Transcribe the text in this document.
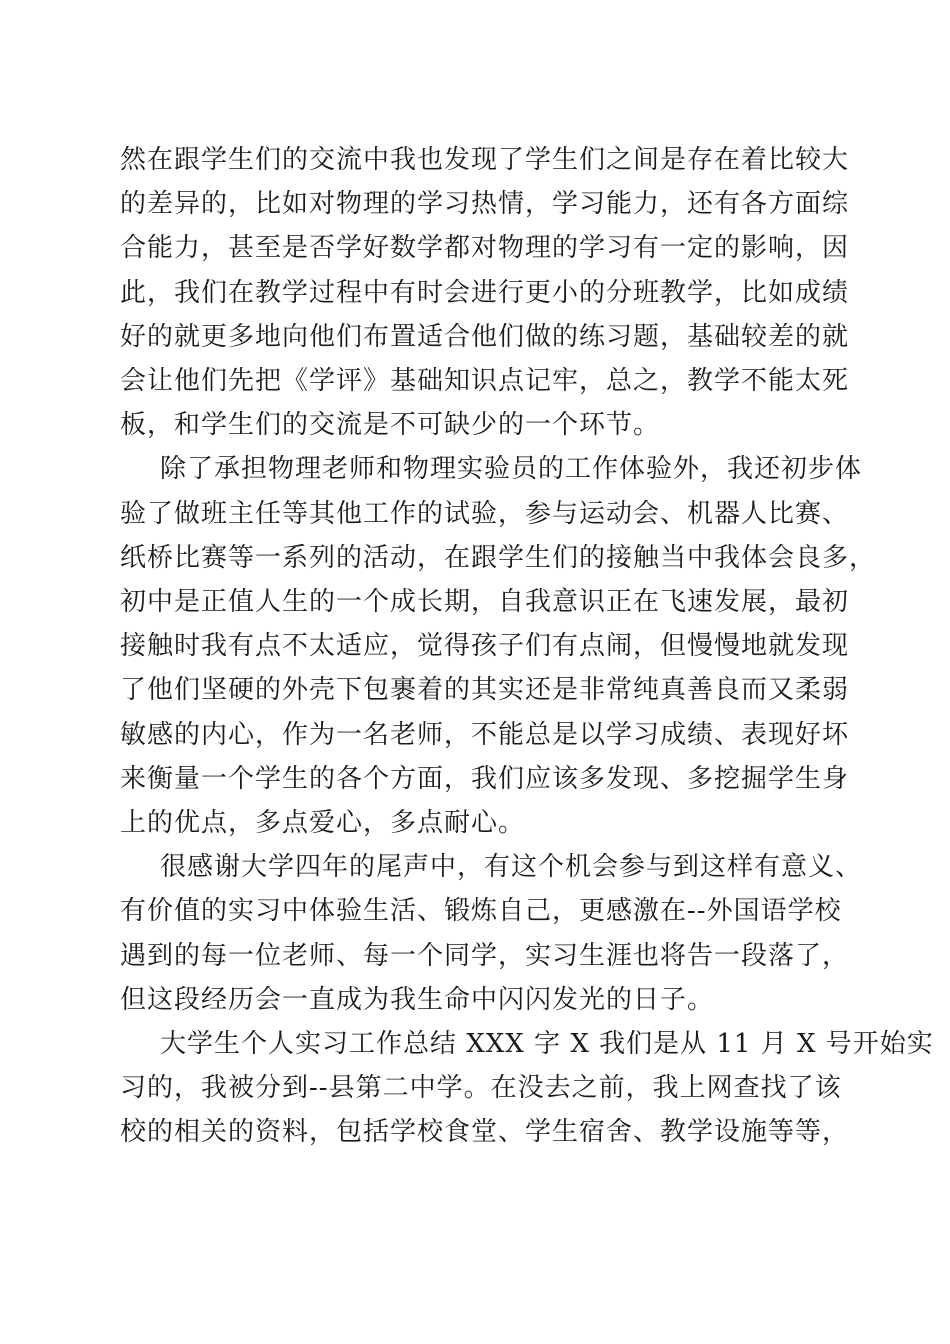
然在跟学生们的交流中我也发现了学生们之间是存在着比较大
的差异的，比如对物理的学习热情，学习能力，还有各方面综
合能力，甚至是否学好数学都对物理的学习有一定的影响，因
此，我们在教学过程中有时会进行更小的分班教学，比如成绩
好的就更多地向他们布置适合他们做的练习题，基础较差的就
会让他们先把《学评》基础知识点记牢，总之，教学不能太死
板，和学生们的交流是不可缺少的一个环节。
除了承担物理老师和物理实验员的工作体验外，我还初步体
验了做班主任等其他工作的试验，参与运动会、机器人比赛、
纸桥比赛等一系列的活动，在跟学生们的接触当中我体会良多，
初中是正值人生的一个成长期，自我意识正在飞速发展，最初
接触时我有点不太适应，觉得孩子们有点闹，但慢慢地就发现
了他们坚硬的外壳下包裹着的其实还是非常纯真善良而又柔弱
敏感的内心，作为一名老师，不能总是以学习成绩、表现好坏
来衡量一个学生的各个方面，我们应该多发现、多挖掘学生身
上的优点，多点爱心，多点耐心。
很感谢大学四年的尾声中，有这个机会参与到这样有意义、
有价值的实习中体验生活、锻炼自己，更感激在--外国语学校
遇到的每一位老师、每一个同学，实习生涯也将告一段落了，
但这段经历会一直成为我生命中闪闪发光的日子。
大学生个人实习工作总结 XXX 字 X 我们是从 11 月 X 号开始实
习的，我被分到--县第二中学。在没去之前，我上网查找了该
校的相关的资料，包括学校食堂、学生宿舍、教学设施等等，
